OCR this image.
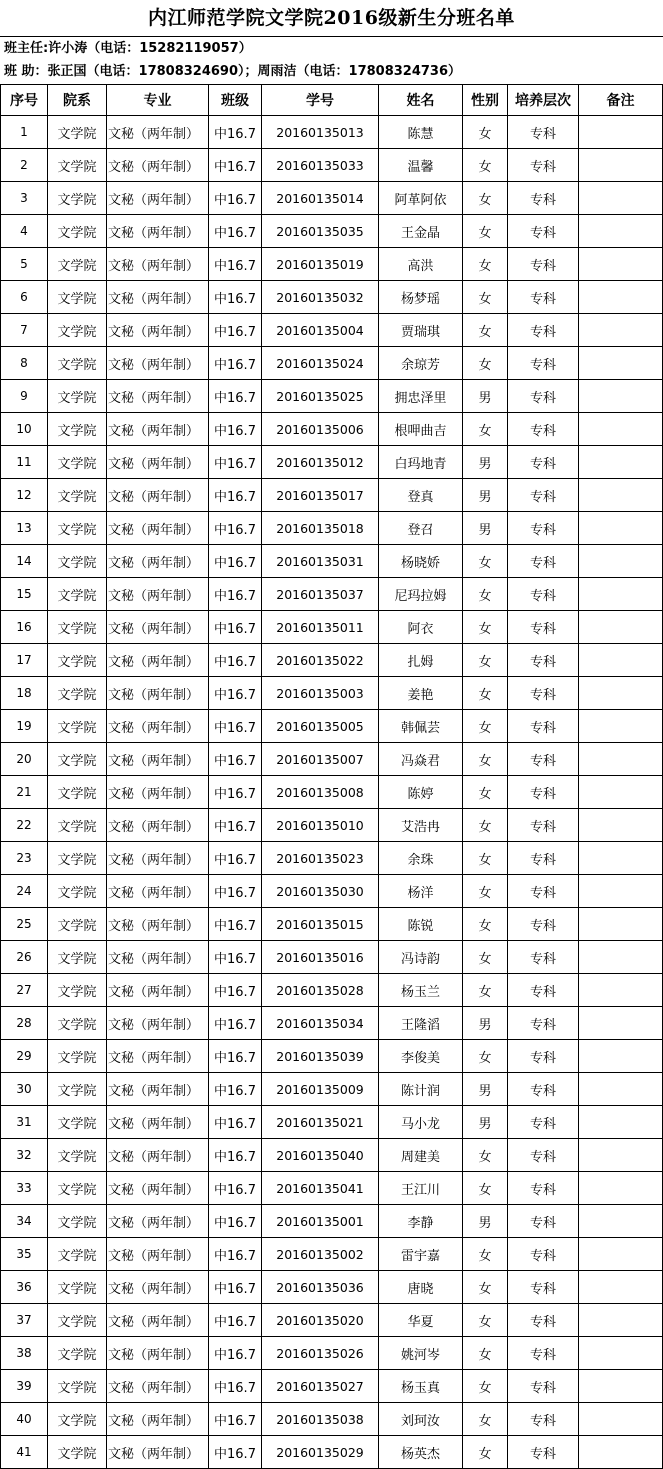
内江师范学院文学院2016级新生分班名单
班主任:许小涛（电话：15282119057）
班 助：张正国（电话：17808324690）；周雨洁（电话：17808324736）
序号	院系	专业	班级	学号	姓名	性别	培养层次	备注
1	文学院	文秘（两年制）	中16.7	20160135013	陈慧	女	专科	
2	文学院	文秘（两年制）	中16.7	20160135033	温馨	女	专科	
3	文学院	文秘（两年制）	中16.7	20160135014	阿革阿依	女	专科	
4	文学院	文秘（两年制）	中16.7	20160135035	王金晶	女	专科	
5	文学院	文秘（两年制）	中16.7	20160135019	高洪	女	专科	
6	文学院	文秘（两年制）	中16.7	20160135032	杨梦瑶	女	专科	
7	文学院	文秘（两年制）	中16.7	20160135004	贾瑞琪	女	专科	
8	文学院	文秘（两年制）	中16.7	20160135024	余琼芳	女	专科	
9	文学院	文秘（两年制）	中16.7	20160135025	拥忠泽里	男	专科	
10	文学院	文秘（两年制）	中16.7	20160135006	根呷曲吉	女	专科	
11	文学院	文秘（两年制）	中16.7	20160135012	白玛地青	男	专科	
12	文学院	文秘（两年制）	中16.7	20160135017	登真	男	专科	
13	文学院	文秘（两年制）	中16.7	20160135018	登召	男	专科	
14	文学院	文秘（两年制）	中16.7	20160135031	杨晓娇	女	专科	
15	文学院	文秘（两年制）	中16.7	20160135037	尼玛拉姆	女	专科	
16	文学院	文秘（两年制）	中16.7	20160135011	阿衣	女	专科	
17	文学院	文秘（两年制）	中16.7	20160135022	扎姆	女	专科	
18	文学院	文秘（两年制）	中16.7	20160135003	姜艳	女	专科	
19	文学院	文秘（两年制）	中16.7	20160135005	韩佩芸	女	专科	
20	文学院	文秘（两年制）	中16.7	20160135007	冯焱君	女	专科	
21	文学院	文秘（两年制）	中16.7	20160135008	陈婷	女	专科	
22	文学院	文秘（两年制）	中16.7	20160135010	艾浩冉	女	专科	
23	文学院	文秘（两年制）	中16.7	20160135023	余珠	女	专科	
24	文学院	文秘（两年制）	中16.7	20160135030	杨洋	女	专科	
25	文学院	文秘（两年制）	中16.7	20160135015	陈锐	女	专科	
26	文学院	文秘（两年制）	中16.7	20160135016	冯诗韵	女	专科	
27	文学院	文秘（两年制）	中16.7	20160135028	杨玉兰	女	专科	
28	文学院	文秘（两年制）	中16.7	20160135034	王隆滔	男	专科	
29	文学院	文秘（两年制）	中16.7	20160135039	李俊美	女	专科	
30	文学院	文秘（两年制）	中16.7	20160135009	陈计润	男	专科	
31	文学院	文秘（两年制）	中16.7	20160135021	马小龙	男	专科	
32	文学院	文秘（两年制）	中16.7	20160135040	周建美	女	专科	
33	文学院	文秘（两年制）	中16.7	20160135041	王江川	女	专科	
34	文学院	文秘（两年制）	中16.7	20160135001	李静	男	专科	
35	文学院	文秘（两年制）	中16.7	20160135002	雷宇嘉	女	专科	
36	文学院	文秘（两年制）	中16.7	20160135036	唐晓	女	专科	
37	文学院	文秘（两年制）	中16.7	20160135020	华夏	女	专科	
38	文学院	文秘（两年制）	中16.7	20160135026	姚河岑	女	专科	
39	文学院	文秘（两年制）	中16.7	20160135027	杨玉真	女	专科	
40	文学院	文秘（两年制）	中16.7	20160135038	刘珂汝	女	专科	
41	文学院	文秘（两年制）	中16.7	20160135029	杨英杰	女	专科	
